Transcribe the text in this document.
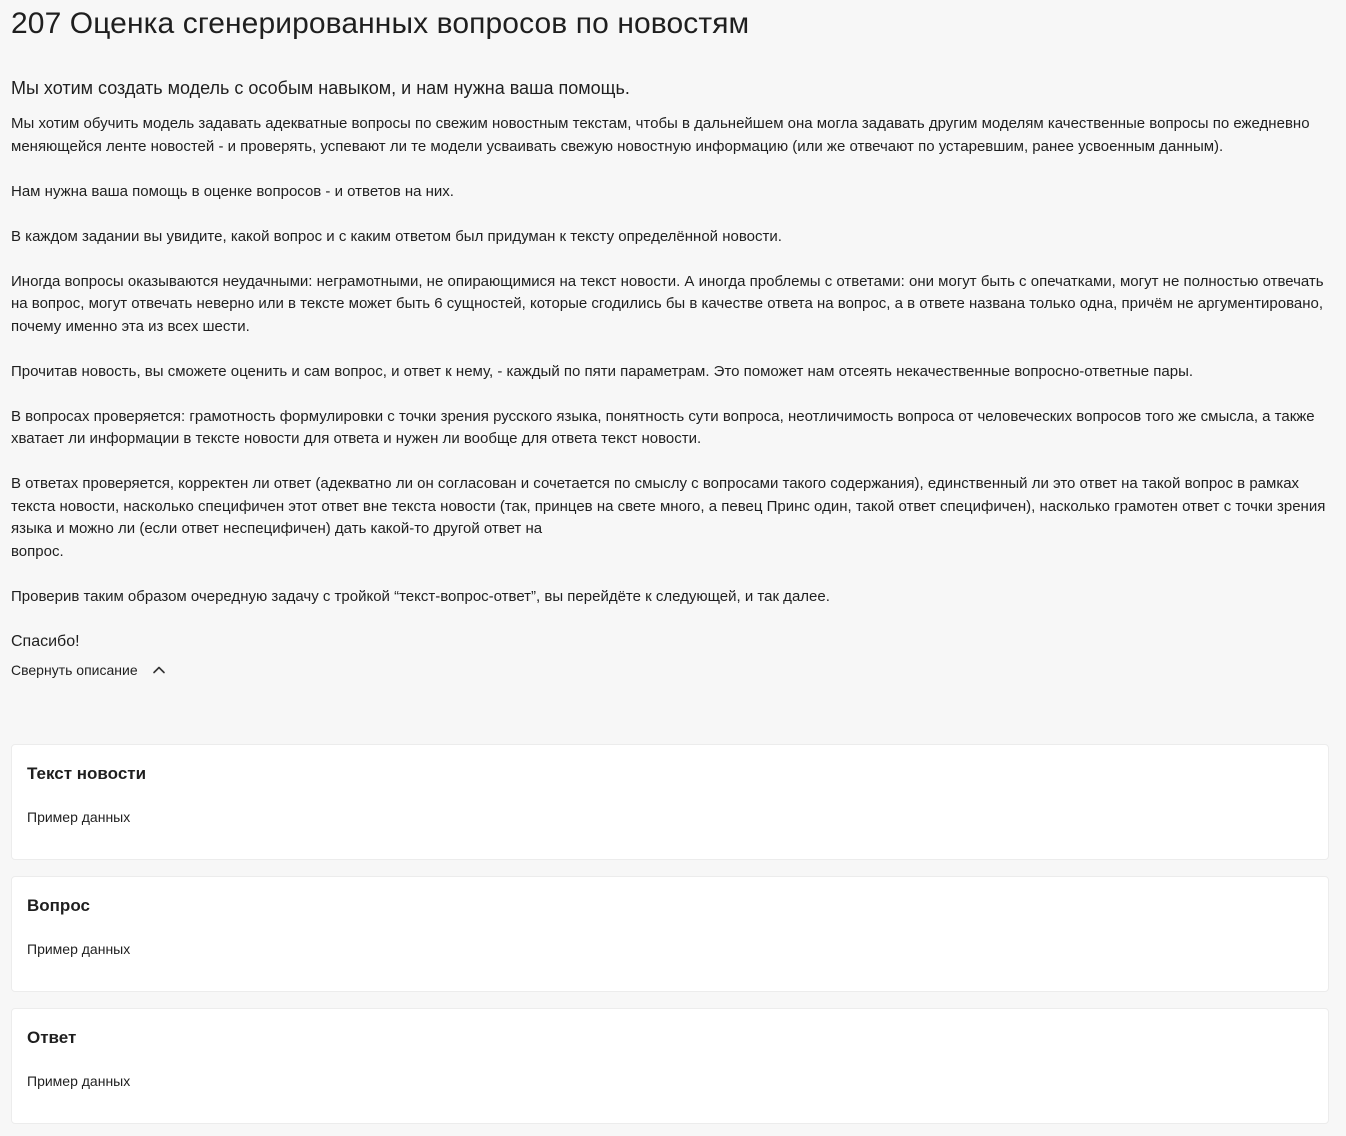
207 Оценка сгенерированных вопросов по новостям
Мы хотим создать модель с особым навыком, и нам нужна ваша помощь.

Мы хотим обучить модель задавать адекватные вопросы по свежим новостным текстам, чтобы в дальнейшем она могла задавать другим моделям качественные вопросы по ежедневно меняющейся ленте новостей - и проверять, успевают ли те модели усваивать свежую новостную информацию (или же отвечают по устаревшим, ранее усвоенным данным).

Нам нужна ваша помощь в оценке вопросов - и ответов на них.

В каждом задании вы увидите, какой вопрос и с каким ответом был придуман к тексту определённой новости.

Иногда вопросы оказываются неудачными: неграмотными, не опирающимися на текст новости. А иногда проблемы с ответами: они могут быть с опечатками, могут не полностью отвечать на вопрос, могут отвечать неверно или в тексте может быть 6 сущностей, которые сгодились бы в качестве ответа на вопрос, а в ответе названа только одна, причём не аргументировано, почему именно эта из всех шести.

Прочитав новость, вы сможете оценить и сам вопрос, и ответ к нему, - каждый по пяти параметрам. Это поможет нам отсеять некачественные вопросно-ответные пары.

В вопросах проверяется: грамотность формулировки с точки зрения русского языка, понятность сути вопроса, неотличимость вопроса от человеческих вопросов того же смысла, а также хватает ли информации в тексте новости для ответа и нужен ли вообще для ответа текст новости.

В ответах проверяется, корректен ли ответ (адекватно ли он согласован и сочетается по смыслу с вопросами такого содержания), единственный ли это ответ на такой вопрос в рамках текста новости, насколько специфичен этот ответ вне текста новости (так, принцев на свете много, а певец Принс один, такой ответ специфичен), насколько грамотен ответ с точки зрения языка и можно ли (если ответ неспецифичен) дать какой-то другой ответ на
вопрос.

Проверив таким образом очередную задачу с тройкой “текст-вопрос-ответ”, вы перейдёте к следующей, и так далее.

Спасибо!

Свернуть описание
Текст новости
Пример данных
Вопрос
Пример данных
Ответ
Пример данных
